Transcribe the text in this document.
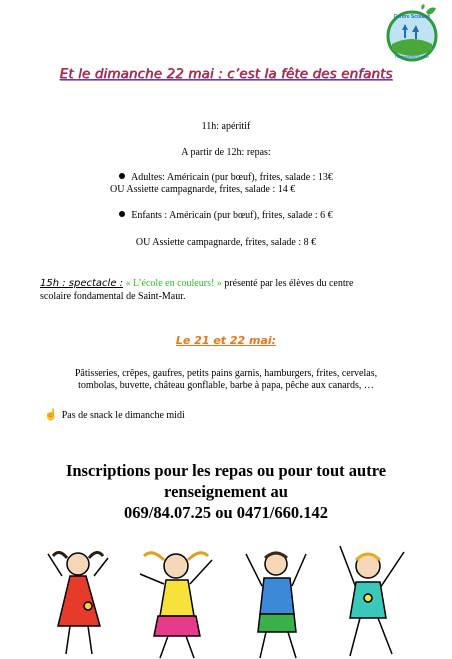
Centre Scolaire
Fondamental St-Maur
Et le dimanche 22 mai : c’est la fête des enfants
11h: apéritif
A partir de 12h: repas:
Adultes: Américain (pur bœuf), frites, salade : 13€
OU Assiette campagnarde, frites, salade : 14 €
Enfants : Américain (pur bœuf), frites, salade : 6 €
OU Assiette campagnarde, frites, salade : 8 €
15h : spectacle : « L’école en couleurs! » présenté par les élèves du centre
scolaire fondamental de Saint-Maur.
Le 21 et 22 mai:
Pâtisseries, crêpes, gaufres, petits pains garnis, hamburgers, frites, cervelas,
tombolas, buvette, château gonflable, barbe à papa, pêche aux canards, …
☝ Pas de snack le dimanche midi
Inscriptions pour les repas ou pour tout autre
renseignement au
069/84.07.25 ou 0471/660.142
